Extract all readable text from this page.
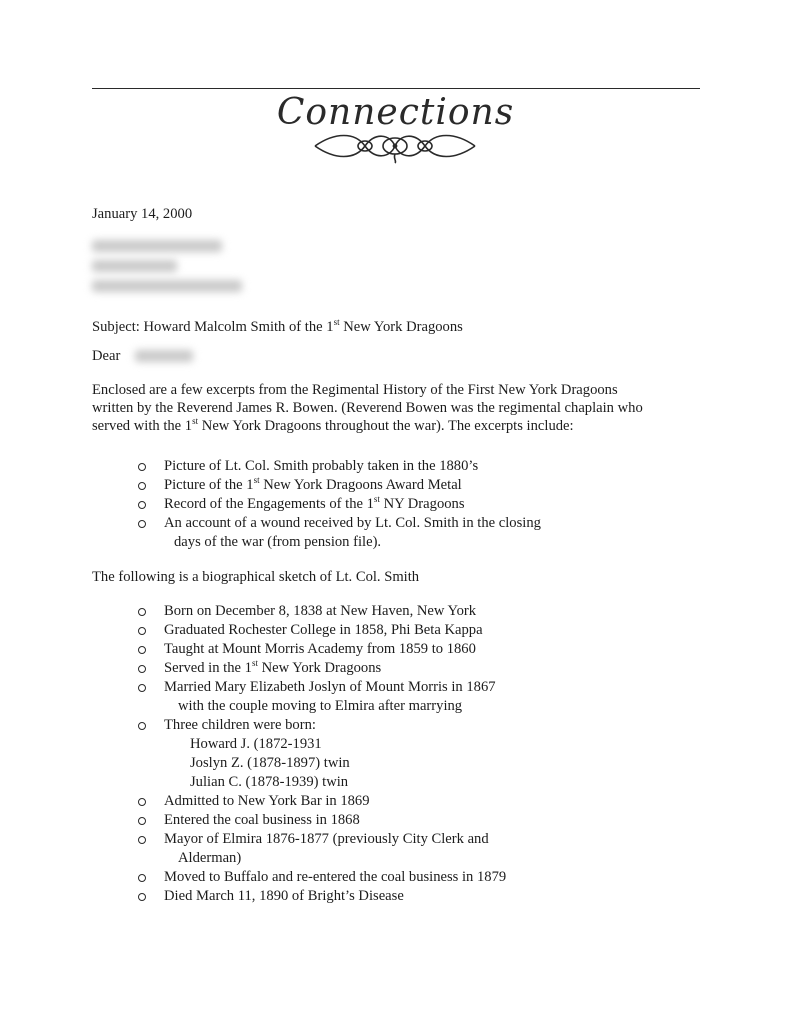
Connections
January 14, 2000
Subject: Howard Malcolm Smith of the 1st New York Dragoons
Dear
Enclosed are a few excerpts from the Regimental History of the First New York Dragoons
written by the Reverend James R. Bowen. (Reverend Bowen was the regimental chaplain who
served with the 1st New York Dragoons throughout the war). The excerpts include:
Picture of Lt. Col. Smith probably taken in the 1880’s
Picture of the 1st New York Dragoons Award Metal
Record of the Engagements of the 1st NY Dragoons
An account of a wound received by Lt. Col. Smith in the closing
days of the war (from pension file).
The following is a biographical sketch of Lt. Col. Smith
Born on December 8, 1838 at New Haven, New York
Graduated Rochester College in 1858, Phi Beta Kappa
Taught at Mount Morris Academy from 1859 to 1860
Served in the 1st New York Dragoons
Married Mary Elizabeth Joslyn of Mount Morris in 1867
with the couple moving to Elmira after marrying
Three children were born:
Howard J. (1872-1931
Joslyn Z. (1878-1897) twin
Julian C. (1878-1939) twin
Admitted to New York Bar in 1869
Entered the coal business in 1868
Mayor of Elmira 1876-1877 (previously City Clerk and
Alderman)
Moved to Buffalo and re-entered the coal business in 1879
Died March 11, 1890 of Bright’s Disease
